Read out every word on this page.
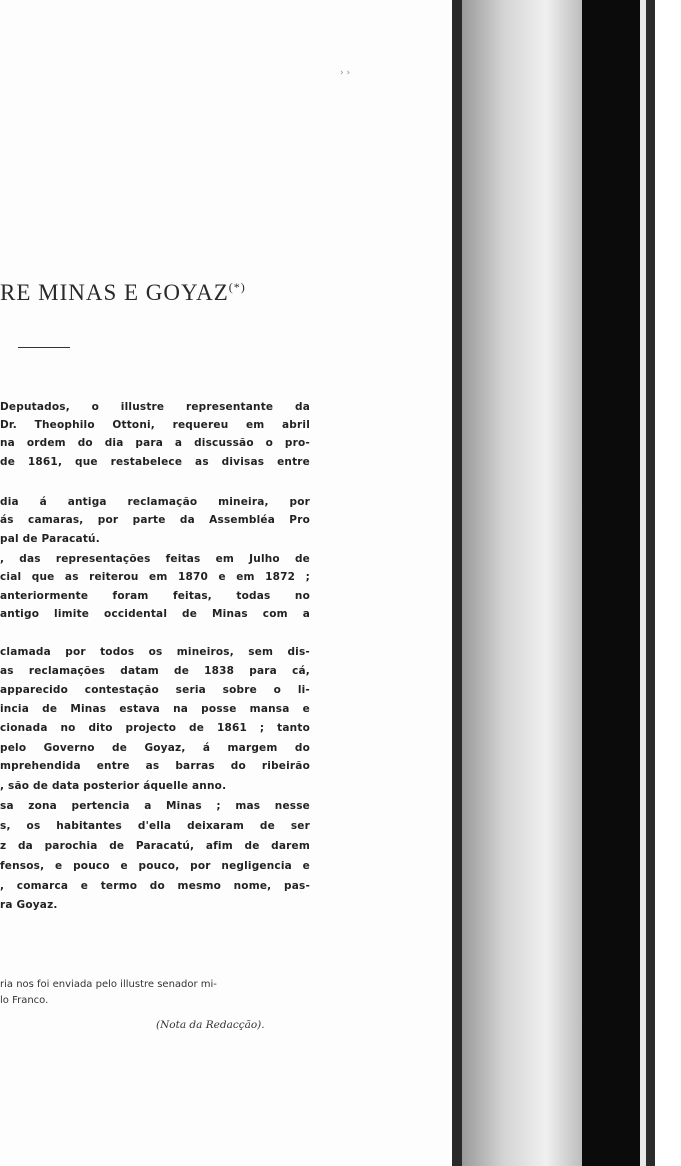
› ›
RE MINAS E GOYAZ(*)
Deputados, o illustre representante da
Dr. Theophilo Ottoni, requereu em abril
na ordem do dia para a discussão o pro-
de 1861, que restabelece as divisas entre
dia á antiga reclamação mineira, por
ás camaras, por parte da Assembléa Pro
pal de Paracatú.
, das representações feitas em Julho de
cial que as reiterou em 1870 e em 1872 ;
anteriormente foram feitas, todas no
antigo limite occidental de Minas com a
clamada por todos os mineiros, sem dis-
as reclamações datam de 1838 para cá,
apparecido contestação seria sobre o li-
incia de Minas estava na posse mansa e
cionada no dito projecto de 1861 ; tanto
pelo Governo de Goyaz, á margem do
mprehendida entre as barras do ribeirão
, são de data posterior áquelle anno.
sa zona pertencia a Minas ; mas nesse
s, os habitantes d'ella deixaram de ser
z da parochia de Paracatú, afim de darem
fensos, e pouco e pouco, por negligencia e
, comarca e termo do mesmo nome, pas-
ra Goyaz.
ria nos foi enviada pelo illustre senador mi-
lo Franco.
(Nota da Redacção).
